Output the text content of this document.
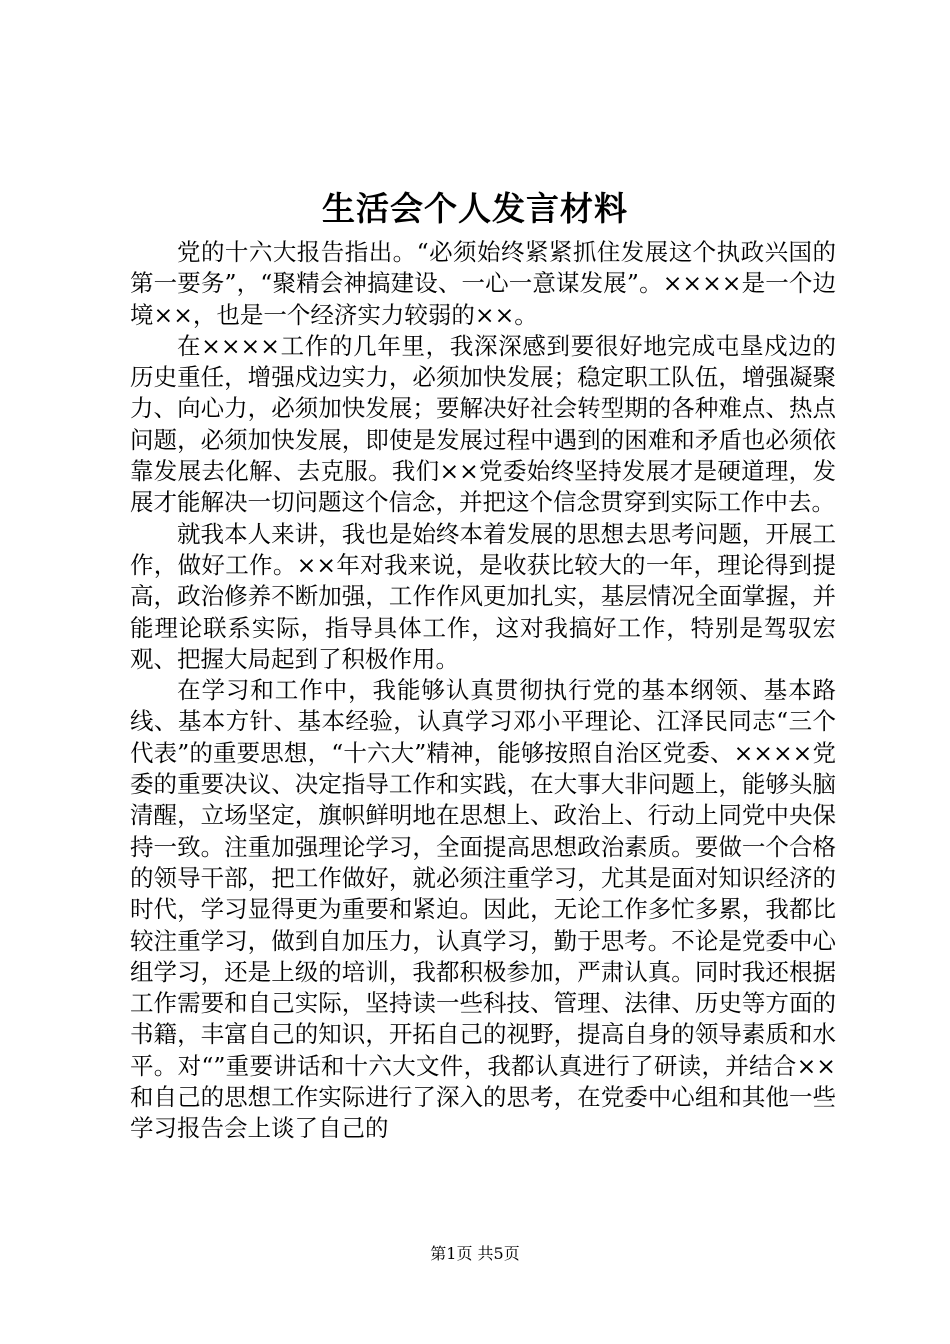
生活会个人发言材料

党的十六大报告指出。“必须始终紧紧抓住发展这个执政兴国的第一要务”，“聚精会神搞建设、一心一意谋发展”。××××是一个边境××，也是一个经济实力较弱的××。

在××××工作的几年里，我深深感到要很好地完成屯垦戍边的历史重任，增强戍边实力，必须加快发展；稳定职工队伍，增强凝聚力、向心力，必须加快发展；要解决好社会转型期的各种难点、热点问题，必须加快发展，即使是发展过程中遇到的困难和矛盾也必须依靠发展去化解、去克服。我们××党委始终坚持发展才是硬道理，发展才能解决一切问题这个信念，并把这个信念贯穿到实际工作中去。

就我本人来讲，我也是始终本着发展的思想去思考问题，开展工作，做好工作。××年对我来说，是收获比较大的一年，理论得到提高，政治修养不断加强，工作作风更加扎实，基层情况全面掌握，并能理论联系实际，指导具体工作，这对我搞好工作，特别是驾驭宏观、把握大局起到了积极作用。

在学习和工作中，我能够认真贯彻执行党的基本纲领、基本路线、基本方针、基本经验，认真学习邓小平理论、江泽民同志“三个代表”的重要思想，“十六大”精神，能够按照自治区党委、××××党委的重要决议、决定指导工作和实践，在大事大非问题上，能够头脑清醒，立场坚定，旗帜鲜明地在思想上、政治上、行动上同党中央保持一致。注重加强理论学习，全面提高思想政治素质。要做一个合格的领导干部，把工作做好，就必须注重学习，尤其是面对知识经济的时代，学习显得更为重要和紧迫。因此，无论工作多忙多累，我都比较注重学习，做到自加压力，认真学习，勤于思考。不论是党委中心组学习，还是上级的培训，我都积极参加，严肃认真。同时我还根据工作需要和自己实际，坚持读一些科技、管理、法律、历史等方面的书籍，丰富自己的知识，开拓自己的视野，提高自身的领导素质和水平。对“”重要讲话和十六大文件，我都认真进行了研读，并结合××和自己的思想工作实际进行了深入的思考，在党委中心组和其他一些学习报告会上谈了自己的

第1页 共5页
